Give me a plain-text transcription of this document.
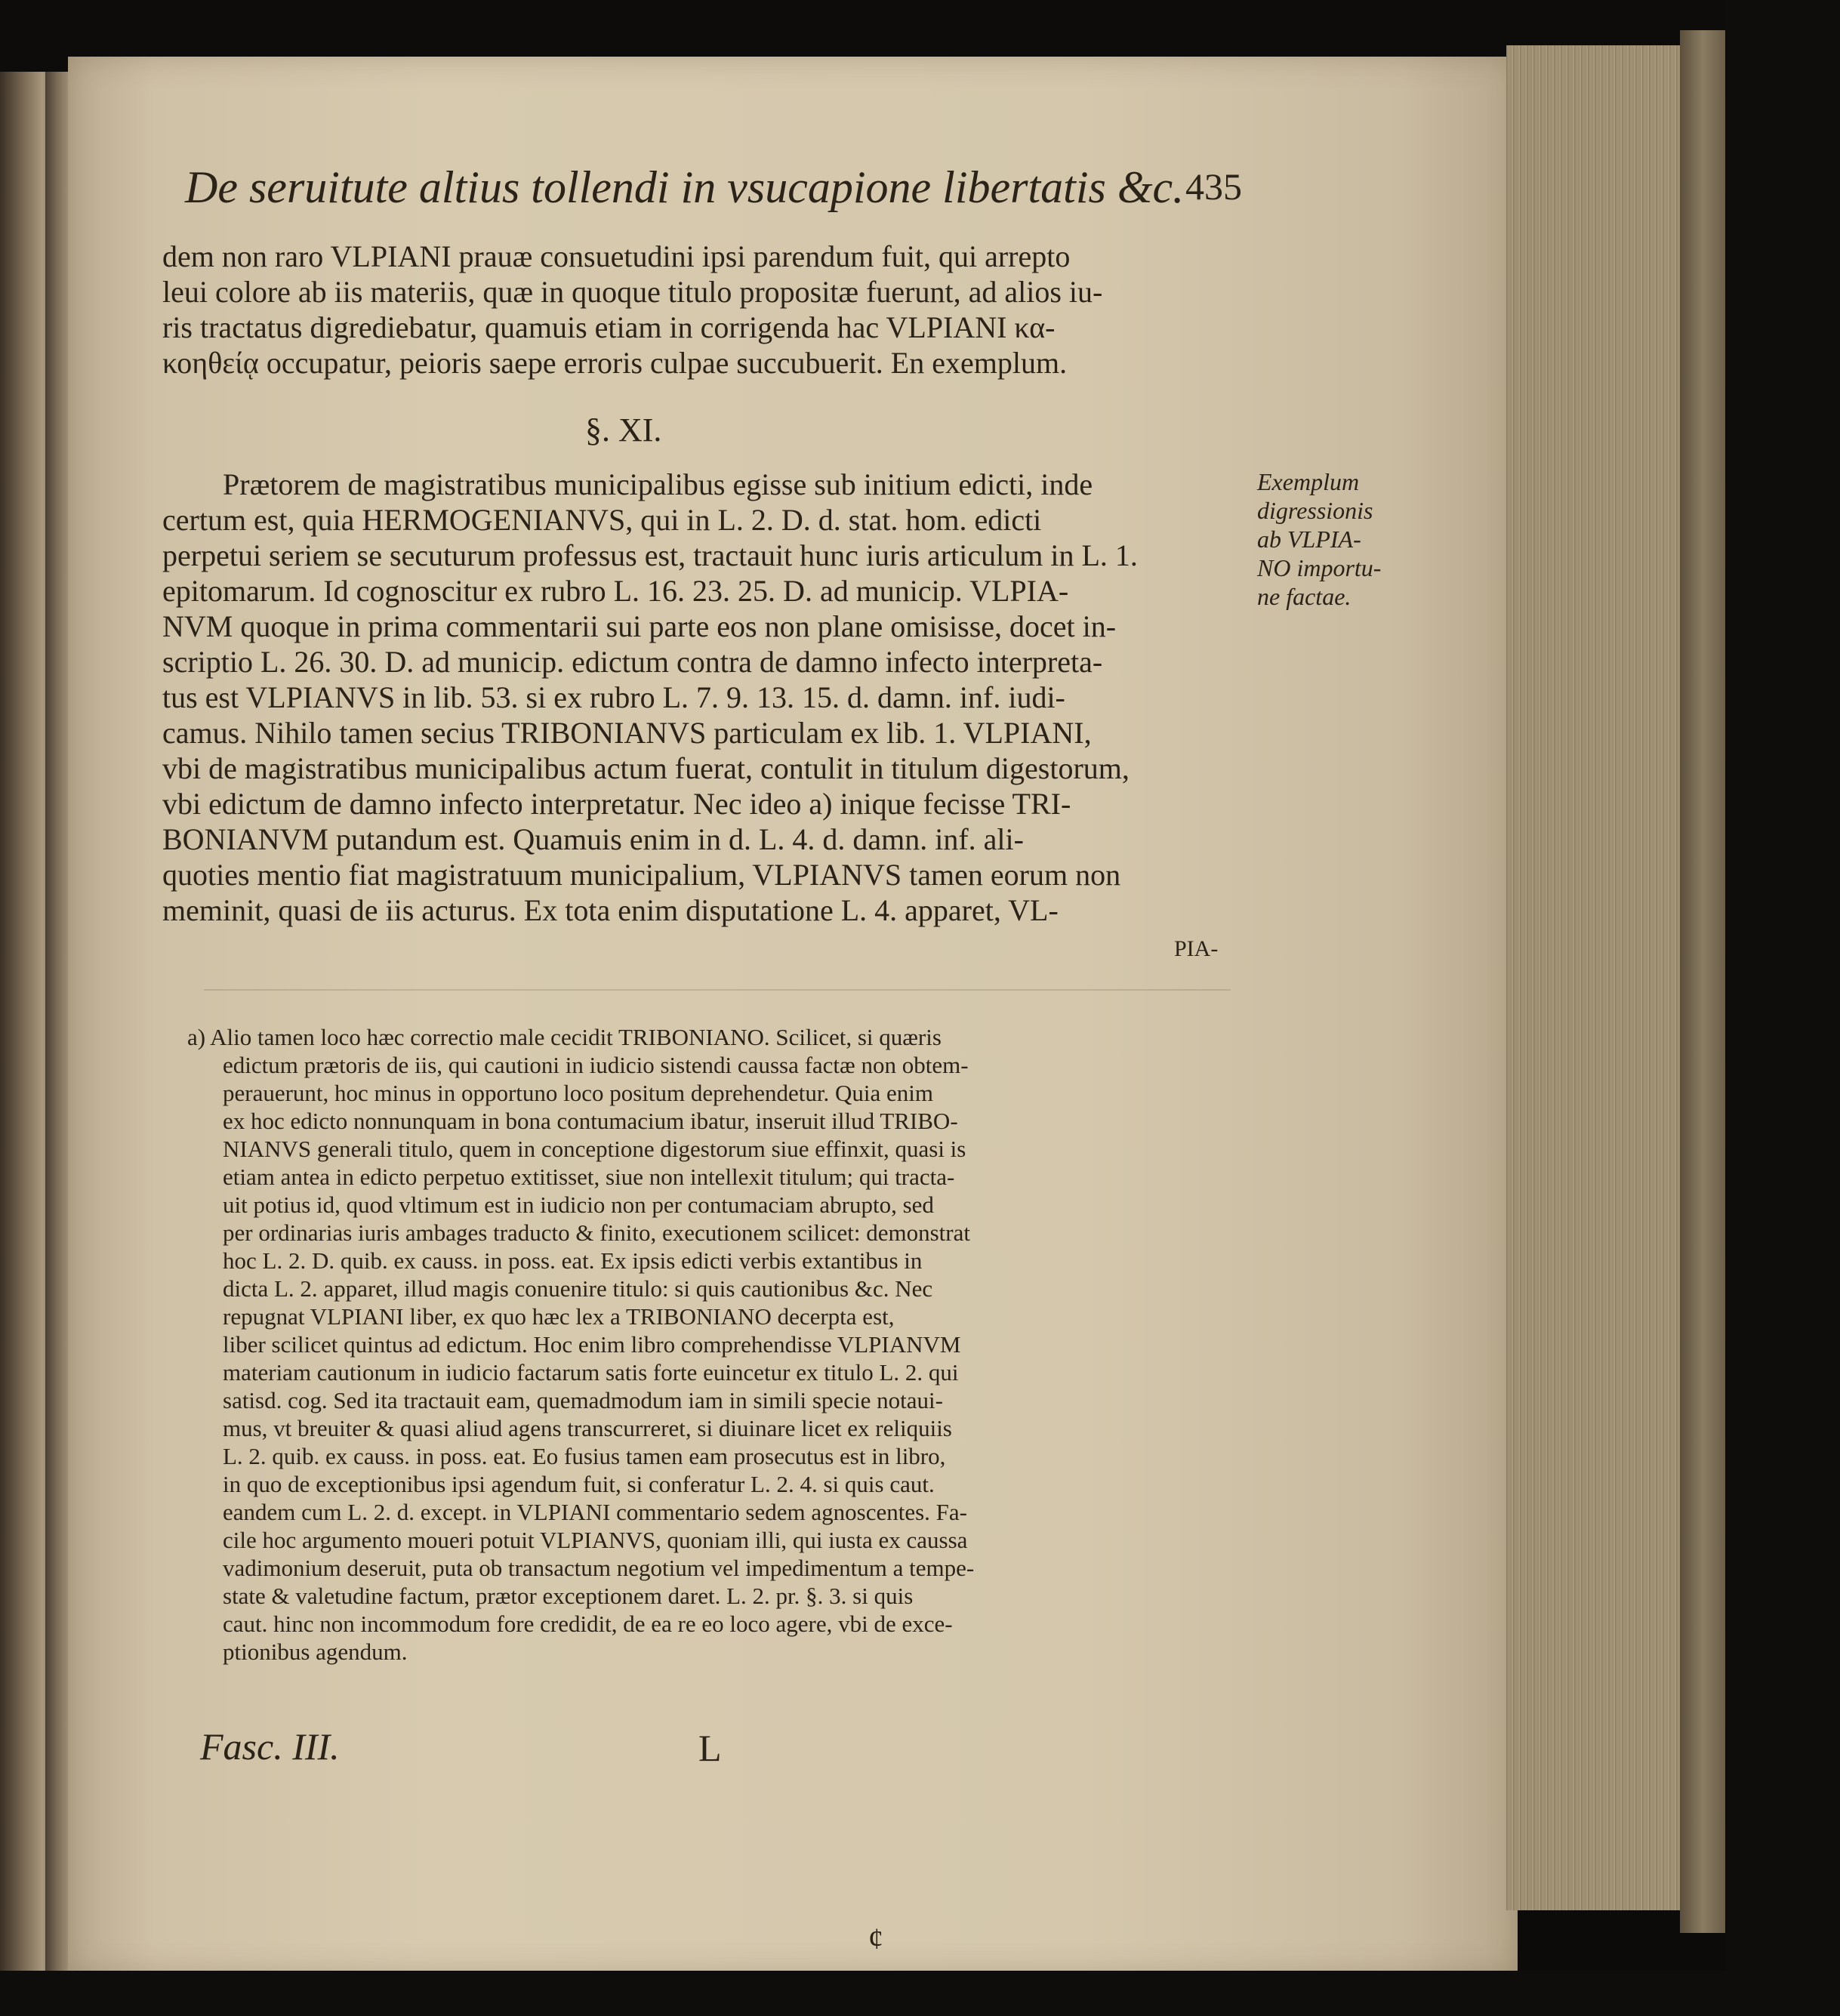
De seruitute altius tollendi in vsucapione libertatis &c. 435
dem non raro VLPIANI prauæ consuetudini ipsi parendum fuit, qui arrepto
leui colore ab iis materiis, quæ in quoque titulo propositæ fuerunt, ad alios iu-
ris tractatus digrediebatur, quamuis etiam in corrigenda hac VLPIANI κα-
κοηθείᾳ occupatur, peioris saepe erroris culpae succubuerit. En exemplum.
§. XI.
Prætorem de magistratibus municipalibus egisse sub initium edicti, inde
certum est, quia HERMOGENIANVS, qui in L. 2. D. d. stat. hom. edicti
perpetui seriem se secuturum professus est, tractauit hunc iuris articulum in L. 1.
epitomarum. Id cognoscitur ex rubro L. 16. 23. 25. D. ad municip. VLPIA-
NVM quoque in prima commentarii sui parte eos non plane omisisse, docet in-
scriptio L. 26. 30. D. ad municip. edictum contra de damno infecto interpreta-
tus est VLPIANVS in lib. 53. si ex rubro L. 7. 9. 13. 15. d. damn. inf. iudi-
camus. Nihilo tamen secius TRIBONIANVS particulam ex lib. 1. VLPIANI,
vbi de magistratibus municipalibus actum fuerat, contulit in titulum digestorum,
vbi edictum de damno infecto interpretatur. Nec ideo a) inique fecisse TRI-
BONIANVM putandum est. Quamuis enim in d. L. 4. d. damn. inf. ali-
quoties mentio fiat magistratuum municipalium, VLPIANVS tamen eorum non
meminit, quasi de iis acturus. Ex tota enim disputatione L. 4. apparet, VL-
PIA-
Exemplum
digressionis
ab VLPIA-
NO importu-
ne factae.
a) Alio tamen loco hæc correctio male cecidit TRIBONIANO. Scilicet, si quæris
edictum prætoris de iis, qui cautioni in iudicio sistendi caussa factæ non obtem-
perauerunt, hoc minus in opportuno loco positum deprehendetur. Quia enim
ex hoc edicto nonnunquam in bona contumacium ibatur, inseruit illud TRIBO-
NIANVS generali titulo, quem in conceptione digestorum siue effinxit, quasi is
etiam antea in edicto perpetuo extitisset, siue non intellexit titulum; qui tracta-
uit potius id, quod vltimum est in iudicio non per contumaciam abrupto, sed
per ordinarias iuris ambages traducto & finito, executionem scilicet: demonstrat
hoc L. 2. D. quib. ex causs. in poss. eat. Ex ipsis edicti verbis extantibus in
dicta L. 2. apparet, illud magis conuenire titulo: si quis cautionibus &c. Nec
repugnat VLPIANI liber, ex quo hæc lex a TRIBONIANO decerpta est,
liber scilicet quintus ad edictum. Hoc enim libro comprehendisse VLPIANVM
materiam cautionum in iudicio factarum satis forte euincetur ex titulo L. 2. qui
satisd. cog. Sed ita tractauit eam, quemadmodum iam in simili specie notaui-
mus, vt breuiter & quasi aliud agens transcurreret, si diuinare licet ex reliquiis
L. 2. quib. ex causs. in poss. eat. Eo fusius tamen eam prosecutus est in libro,
in quo de exceptionibus ipsi agendum fuit, si conferatur L. 2. 4. si quis caut.
eandem cum L. 2. d. except. in VLPIANI commentario sedem agnoscentes. Fa-
cile hoc argumento moueri potuit VLPIANVS, quoniam illi, qui iusta ex caussa
vadimonium deseruit, puta ob transactum negotium vel impedimentum a tempe-
state & valetudine factum, prætor exceptionem daret. L. 2. pr. §. 3. si quis
caut. hinc non incommodum fore credidit, de ea re eo loco agere, vbi de exce-
ptionibus agendum.
Fasc. III.	L
¢
